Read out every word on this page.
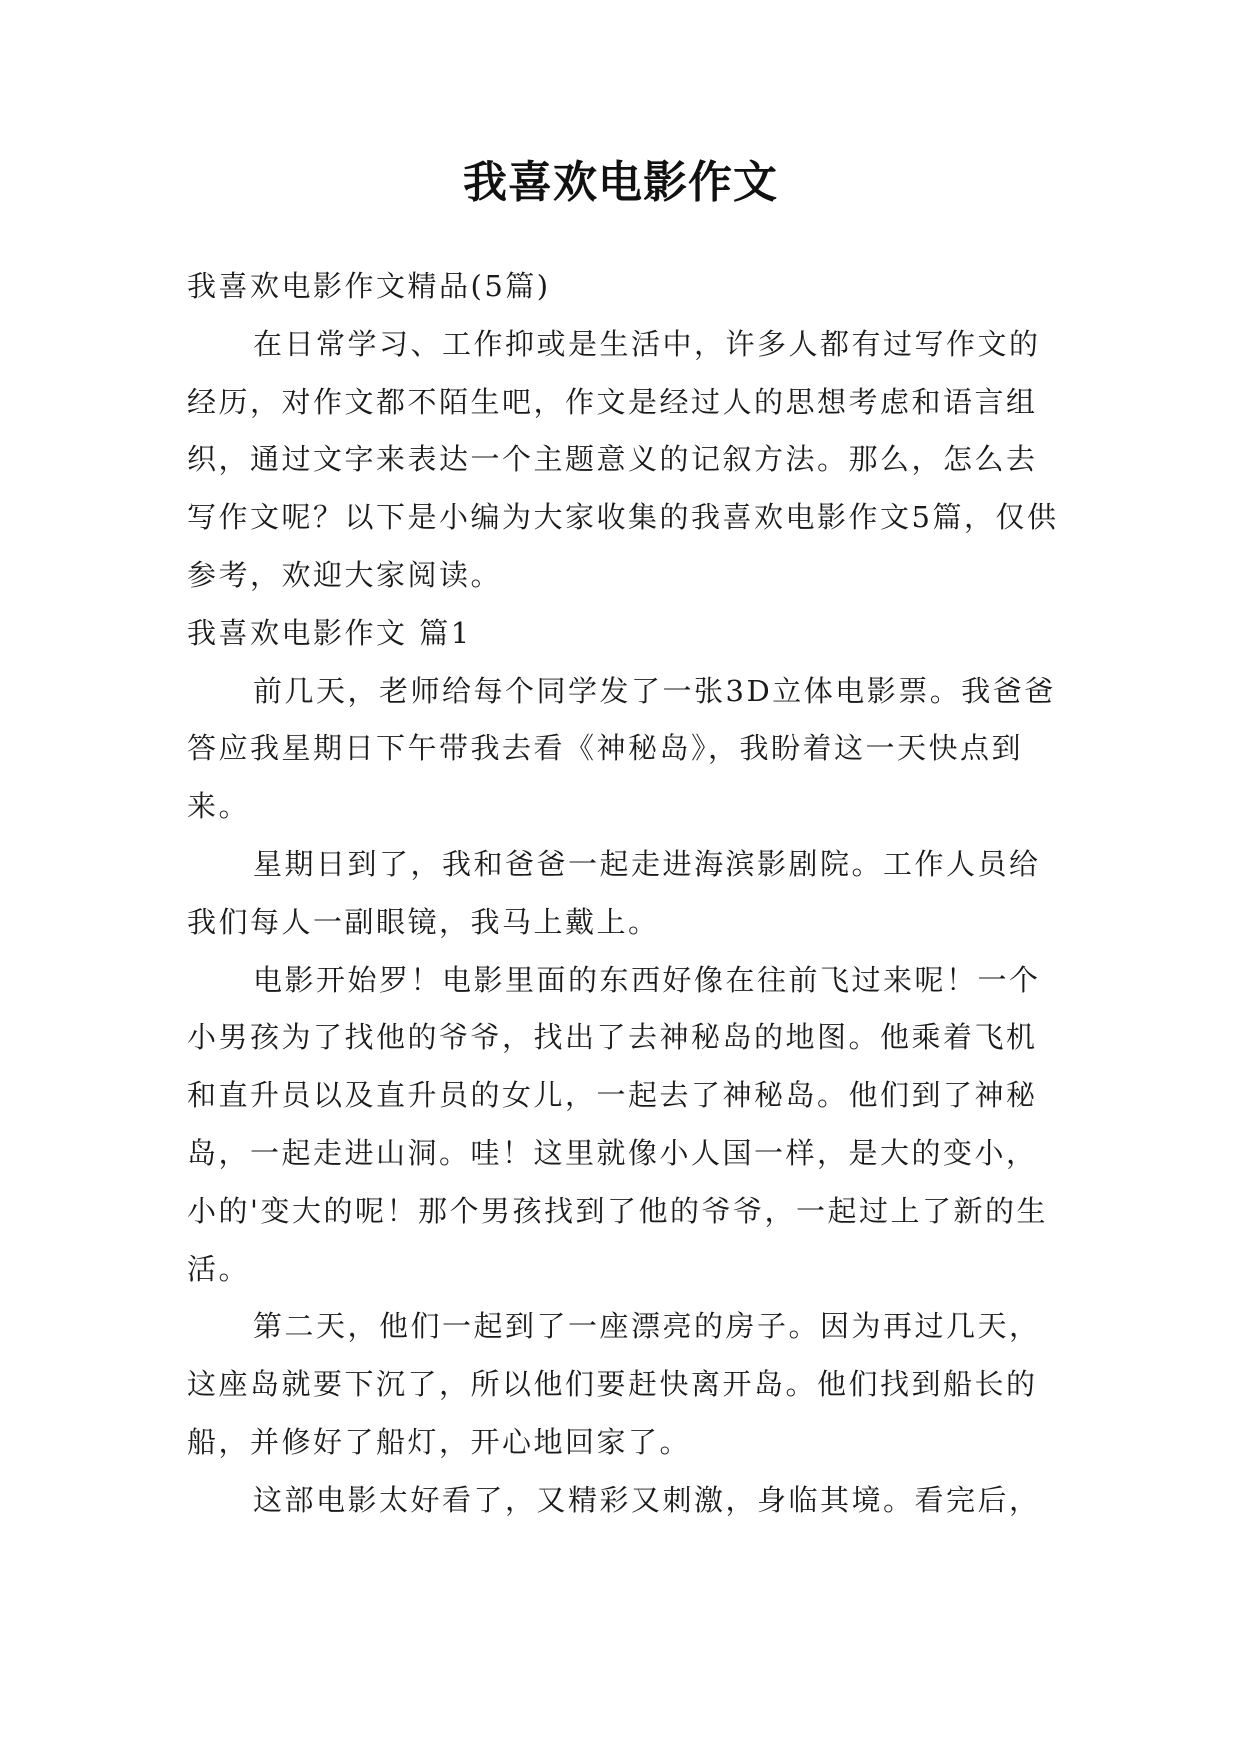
我喜欢电影作文

我喜欢电影作文精品(5篇)

在日常学习、工作抑或是生活中，许多人都有过写作文的经历，对作文都不陌生吧，作文是经过人的思想考虑和语言组织，通过文字来表达一个主题意义的记叙方法。那么，怎么去写作文呢？以下是小编为大家收集的我喜欢电影作文5篇，仅供参考，欢迎大家阅读。

我喜欢电影作文 篇1

前几天，老师给每个同学发了一张3D立体电影票。我爸爸答应我星期日下午带我去看《神秘岛》，我盼着这一天快点到来。

星期日到了，我和爸爸一起走进海滨影剧院。工作人员给我们每人一副眼镜，我马上戴上。

电影开始罗！电影里面的东西好像在往前飞过来呢！一个小男孩为了找他的爷爷，找出了去神秘岛的地图。他乘着飞机和直升员以及直升员的女儿，一起去了神秘岛。他们到了神秘岛，一起走进山洞。哇！这里就像小人国一样，是大的变小，小的'变大的呢！那个男孩找到了他的爷爷，一起过上了新的生活。

第二天，他们一起到了一座漂亮的房子。因为再过几天，这座岛就要下沉了，所以他们要赶快离开岛。他们找到船长的船，并修好了船灯，开心地回家了。

这部电影太好看了，又精彩又刺激，身临其境。看完后，
